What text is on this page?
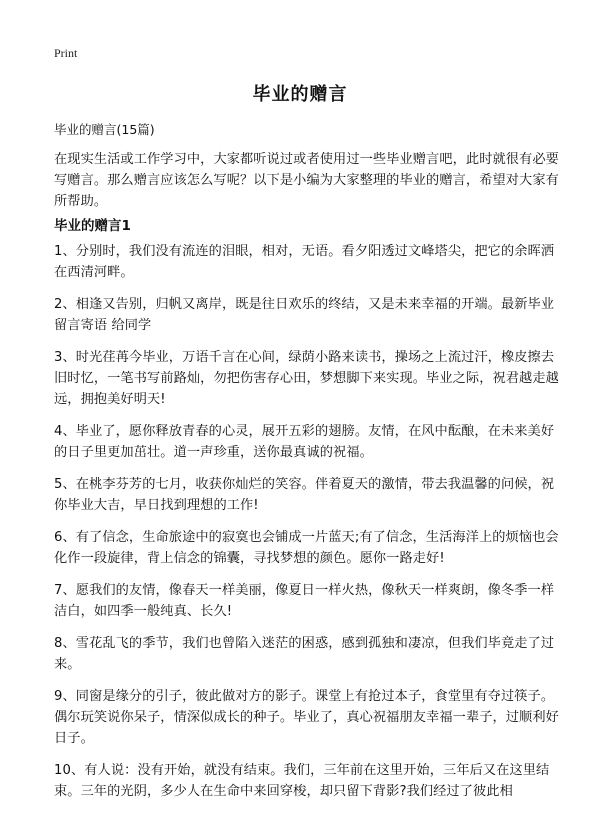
Print
毕业的赠言
毕业的赠言(15篇)

在现实生活或工作学习中，大家都听说过或者使用过一些毕业赠言吧，此时就很有必要写赠言。那么赠言应该怎么写呢？以下是小编为大家整理的毕业的赠言，希望对大家有所帮助。

毕业的赠言1

1、分别时，我们没有流连的泪眼，相对，无语。看夕阳透过文峰塔尖，把它的余晖洒在西清河畔。

2、相逢又告别，归帆又离岸，既是往日欢乐的终结，又是未来幸福的开端。最新毕业留言寄语 给同学

3、时光荏苒今毕业，万语千言在心间，绿荫小路来读书，操场之上流过汗，橡皮擦去旧时忆，一笔书写前路灿，勿把伤害存心田，梦想脚下来实现。毕业之际，祝君越走越远，拥抱美好明天!

4、毕业了，愿你释放青春的心灵，展开五彩的翅膀。友情，在风中酝酿，在未来美好的日子里更加茁壮。道一声珍重，送你最真诚的祝福。

5、在桃李芬芳的七月，收获你灿烂的笑容。伴着夏天的激情，带去我温馨的问候，祝你毕业大吉，早日找到理想的工作!

6、有了信念，生命旅途中的寂寞也会铺成一片蓝天;有了信念，生活海洋上的烦恼也会化作一段旋律，背上信念的锦囊，寻找梦想的颜色。愿你一路走好!

7、愿我们的友情，像春天一样美丽，像夏日一样火热，像秋天一样爽朗，像冬季一样洁白，如四季一般纯真、长久!

8、雪花乱飞的季节，我们也曾陷入迷茫的困惑，感到孤独和凄凉，但我们毕竟走了过来。

9、同窗是缘分的引子，彼此做对方的影子。课堂上有抢过本子，食堂里有夺过筷子。偶尔玩笑说你呆子，情深似成长的种子。毕业了，真心祝福朋友幸福一辈子，过顺利好日子。

10、有人说：没有开始，就没有结束。我们，三年前在这里开始，三年后又在这里结束。三年的光阴，多少人在生命中来回穿梭，却只留下背影?我们经过了彼此相
